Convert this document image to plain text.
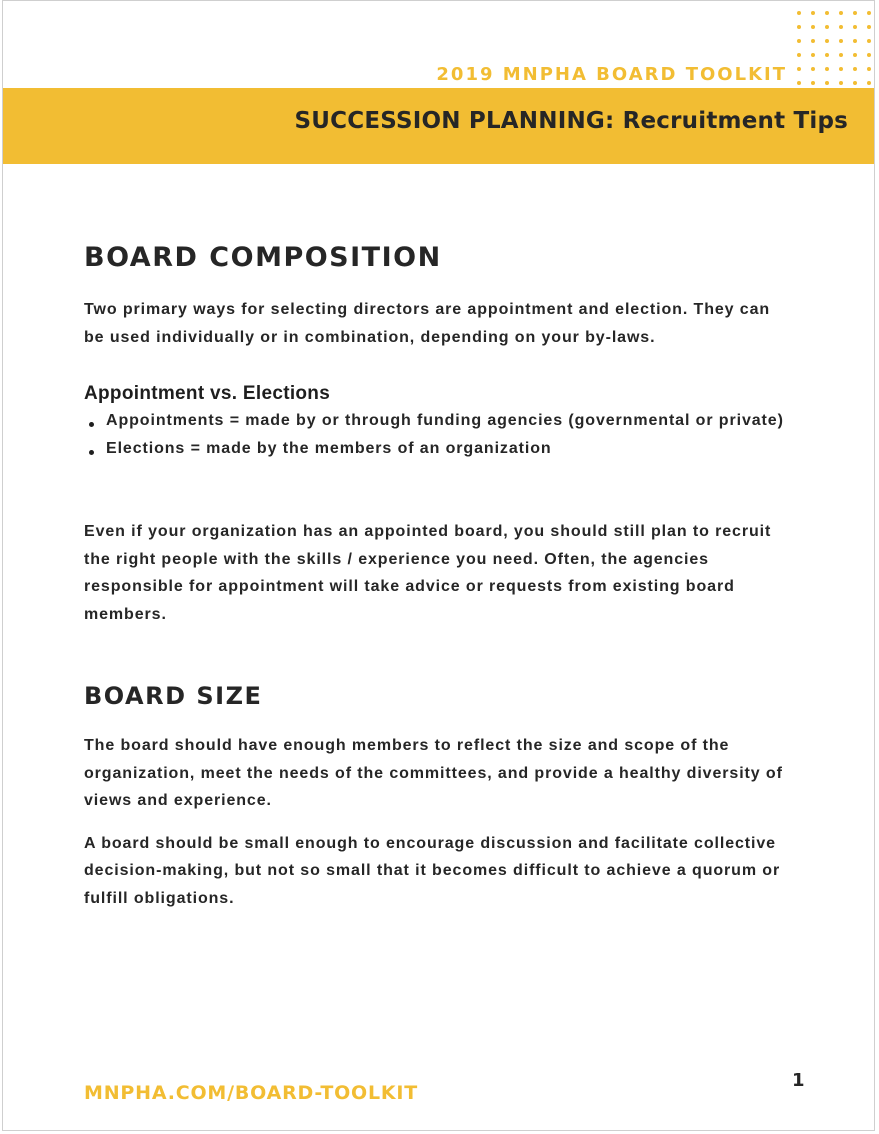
2019 MNPHA BOARD TOOLKIT
SUCCESSION PLANNING: Recruitment Tips
BOARD COMPOSITION

Two primary ways for selecting directors are appointment and election. They can be used individually or in combination, depending on your by-laws.

Appointment vs. Elections
Appointments = made by or through funding agencies (governmental or private)
Elections = made by the members of an organization

Even if your organization has an appointed board, you should still plan to recruit the right people with the skills / experience you need. Often, the agencies responsible for appointment will take advice or requests from existing board members.

BOARD SIZE

The board should have enough members to reflect the size and scope of the organization, meet the needs of the committees, and provide a healthy diversity of views and experience.

A board should be small enough to encourage discussion and facilitate collective decision-making, but not so small that it becomes difficult to achieve a quorum or fulfill obligations.

MNPHA.COM/BOARD-TOOLKIT
1
